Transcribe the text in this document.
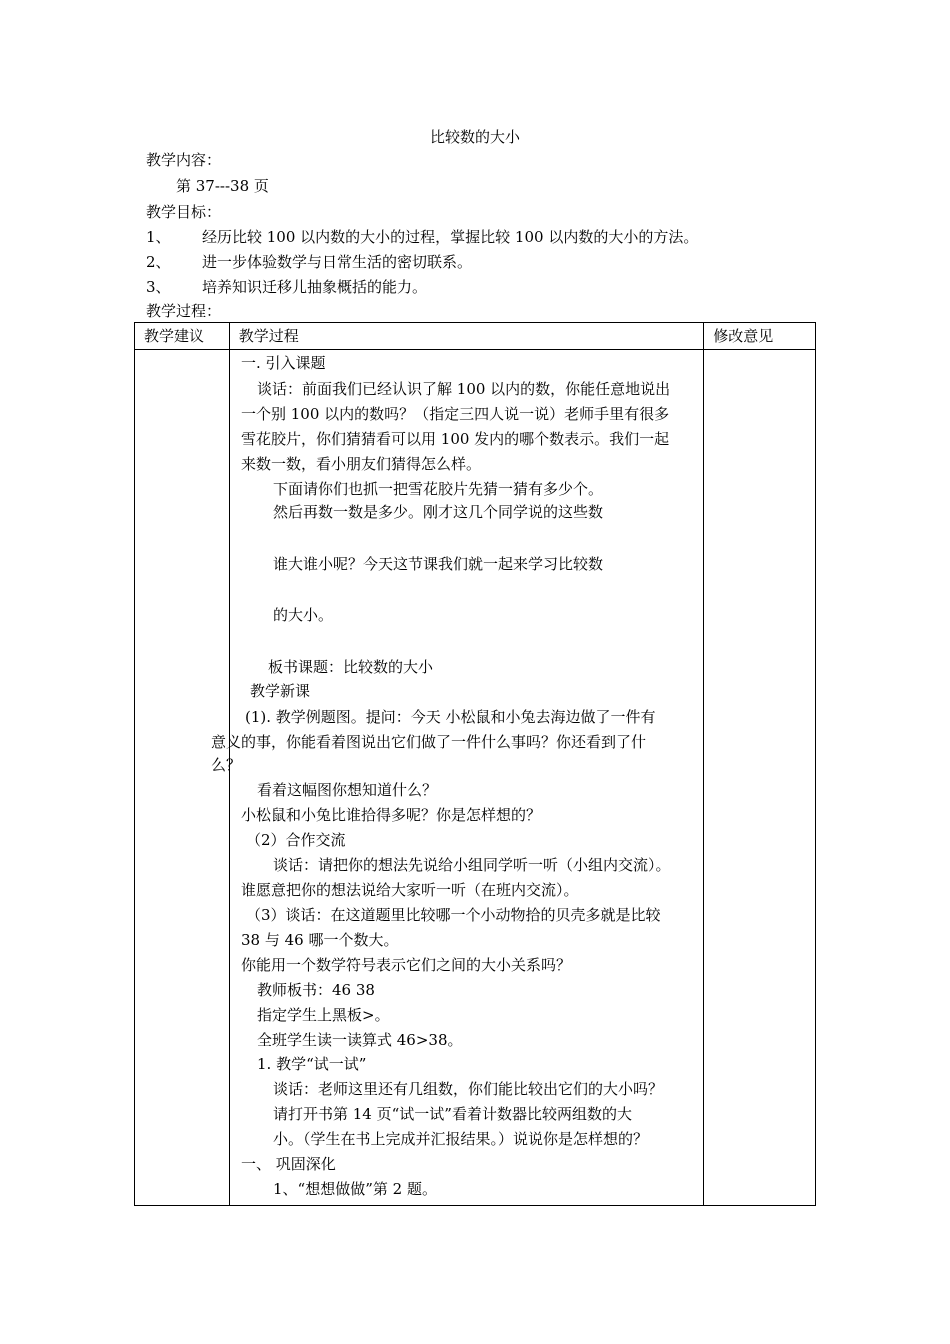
比较数的大小
教学内容：
第 37---38 页
教学目标：
1、 经历比较 100 以内数的大小的过程，掌握比较 100 以内数的大小的方法。
2、 进一步体验数学与日常生活的密切联系。
3、 培养知识迁移儿抽象概括的能力。
教学过程：
教学建议	教学过程	修改意见

一. 引入课题
谈话：前面我们已经认识了解 100 以内的数，你能任意地说出
一个别 100 以内的数吗？（指定三四人说一说）老师手里有很多
雪花胶片，你们猜猜看可以用 100 发内的哪个数表示。我们一起
来数一数，看小朋友们猜得怎么样。
下面请你们也抓一把雪花胶片先猜一猜有多少个。
然后再数一数是多少。刚才这几个同学说的这些数
谁大谁小呢？今天这节课我们就一起来学习比较数
的大小。
板书课题：比较数的大小
教学新课
(1). 教学例题图。提问：今天 小松鼠和小兔去海边做了一件有
意义的事，你能看着图说出它们做了一件什么事吗？你还看到了什
么？
看着这幅图你想知道什么？
小松鼠和小兔比谁拾得多呢？你是怎样想的？
（2）合作交流
谈话：请把你的想法先说给小组同学听一听（小组内交流）。
谁愿意把你的想法说给大家听一听（在班内交流）。
（3）谈话：在这道题里比较哪一个小动物拾的贝壳多就是比较
38 与 46 哪一个数大。
你能用一个数学符号表示它们之间的大小关系吗？
教师板书：46 38
指定学生上黑板>。
全班学生读一读算式 46>38。
1. 教学“试一试”
谈话：老师这里还有几组数，你们能比较出它们的大小吗？
请打开书第 14 页“试一试”看着计数器比较两组数的大
小。（学生在书上完成并汇报结果。）说说你是怎样想的？
一、 巩固深化
1、“想想做做”第 2 题。
